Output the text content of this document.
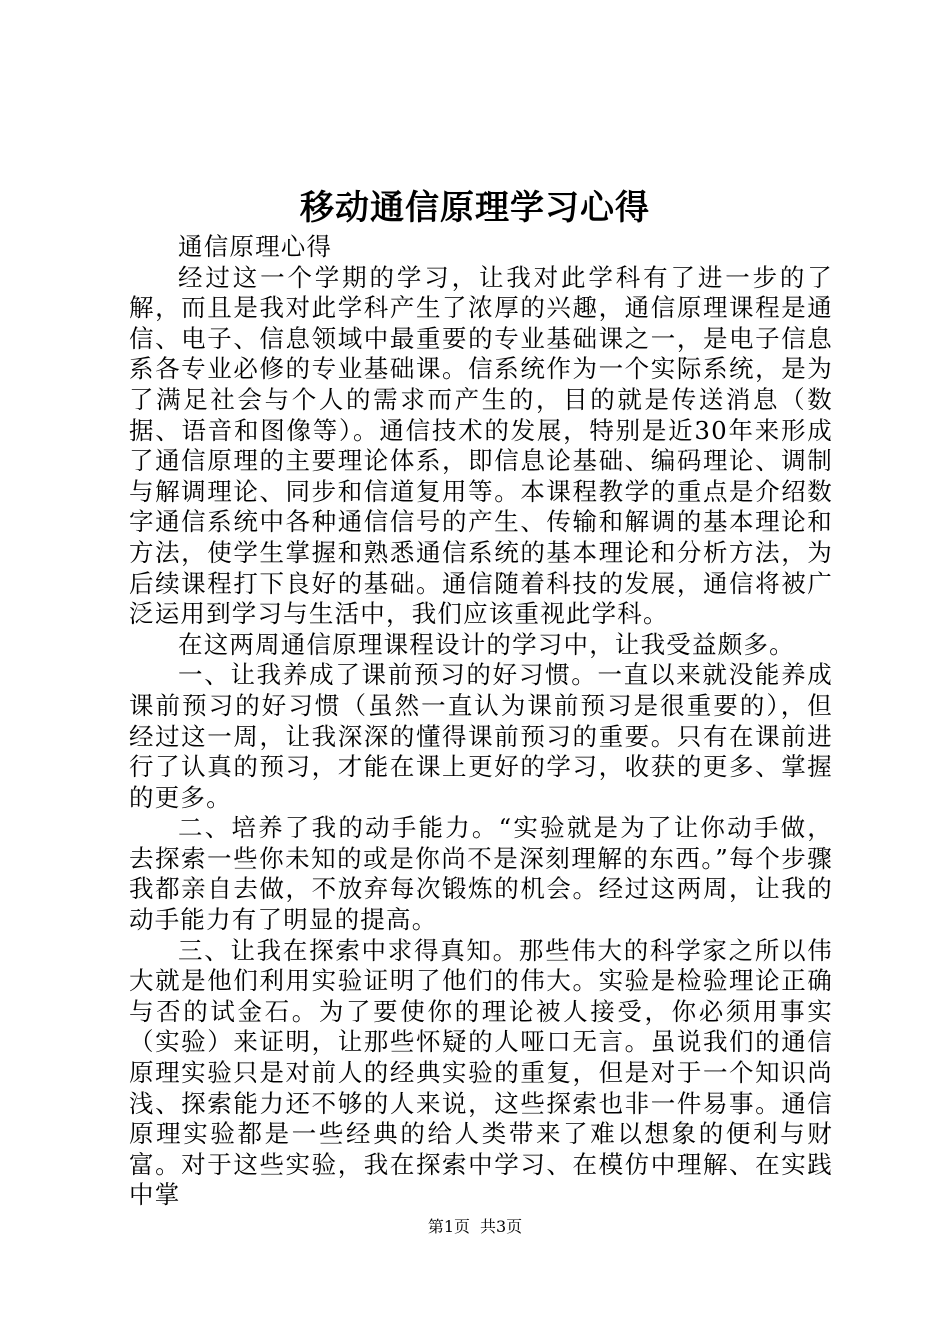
移动通信原理学习心得

通信原理心得

经过这一个学期的学习，让我对此学科有了进一步的了解，而且是我对此学科产生了浓厚的兴趣，通信原理课程是通信、电子、信息领域中最重要的专业基础课之一，是电子信息系各专业必修的专业基础课。信系统作为一个实际系统，是为了满足社会与个人的需求而产生的，目的就是传送消息（数据、语音和图像等）。通信技术的发展，特别是近30年来形成了通信原理的主要理论体系，即信息论基础、编码理论、调制与解调理论、同步和信道复用等。本课程教学的重点是介绍数字通信系统中各种通信信号的产生、传输和解调的基本理论和方法，使学生掌握和熟悉通信系统的基本理论和分析方法，为后续课程打下良好的基础。通信随着科技的发展，通信将被广泛运用到学习与生活中，我们应该重视此学科。

在这两周通信原理课程设计的学习中，让我受益颇多。

一、让我养成了课前预习的好习惯。一直以来就没能养成课前预习的好习惯（虽然一直认为课前预习是很重要的），但经过这一周，让我深深的懂得课前预习的重要。只有在课前进行了认真的预习，才能在课上更好的学习，收获的更多、掌握的更多。

二、培养了我的动手能力。“实验就是为了让你动手做，去探索一些你未知的或是你尚不是深刻理解的东西。”每个步骤我都亲自去做，不放弃每次锻炼的机会。经过这两周，让我的动手能力有了明显的提高。

三、让我在探索中求得真知。那些伟大的科学家之所以伟大就是他们利用实验证明了他们的伟大。实验是检验理论正确与否的试金石。为了要使你的理论被人接受，你必须用事实（实验）来证明，让那些怀疑的人哑口无言。虽说我们的通信原理实验只是对前人的经典实验的重复，但是对于一个知识尚浅、探索能力还不够的人来说，这些探索也非一件易事。通信原理实验都是一些经典的给人类带来了难以想象的便利与财富。对于这些实验，我在探索中学习、在模仿中理解、在实践中掌

第1页 共3页
